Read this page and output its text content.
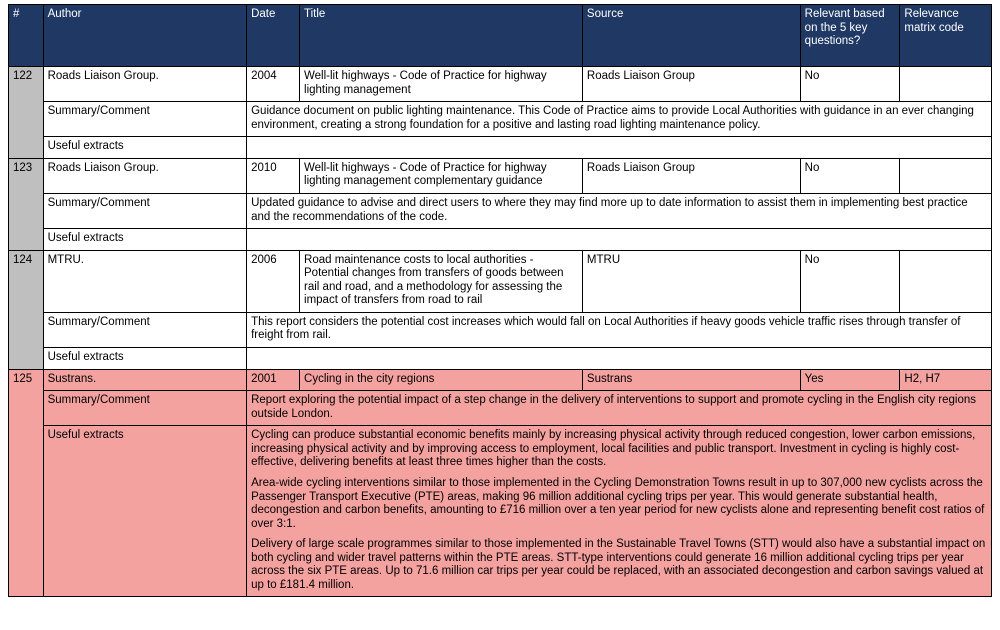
#	Author	Date	Title	Source	Relevant based on the 5 key questions?	Relevance matrix code
122	Roads Liaison Group.	2004	Well-lit highways - Code of Practice for highway lighting management	Roads Liaison Group	No	
	Summary/Comment	Guidance document on public lighting maintenance. This Code of Practice aims to provide Local Authorities with guidance in an ever changing environment, creating a strong foundation for a positive and lasting road lighting maintenance policy.				
	Useful extracts					
123	Roads Liaison Group.	2010	Well-lit highways - Code of Practice for highway lighting management complementary guidance	Roads Liaison Group	No	
	Summary/Comment	Updated guidance to advise and direct users to where they may find more up to date information to assist them in implementing best practice and the recommendations of the code.				
	Useful extracts					
124	MTRU.	2006	Road maintenance costs to local authorities - Potential changes from transfers of goods between rail and road, and a methodology for assessing the impact of transfers from road to rail	MTRU	No	
	Summary/Comment	This report considers the potential cost increases which would fall on Local Authorities if heavy goods vehicle traffic rises through transfer of freight from rail.				
	Useful extracts					
125	Sustrans.	2001	Cycling in the city regions	Sustrans	Yes	H2, H7
	Summary/Comment	Report exploring the potential impact of a step change in the delivery of interventions to support and promote cycling in the English city regions outside London.				
	Useful extracts	Cycling can produce substantial economic benefits mainly by increasing physical activity through reduced congestion, lower carbon emissions, increasing physical activity and by improving access to employment, local facilities and public transport. Investment in cycling is highly cost-effective, delivering benefits at least three times higher than the costs.

Area-wide cycling interventions similar to those implemented in the Cycling Demonstration Towns result in up to 307,000 new cyclists across the Passenger Transport Executive (PTE) areas, making 96 million additional cycling trips per year. This would generate substantial health, decongestion and carbon benefits, amounting to £716 million over a ten year period for new cyclists alone and representing benefit cost ratios of over 3:1.

Delivery of large scale programmes similar to those implemented in the Sustainable Travel Towns (STT) would also have a substantial impact on both cycling and wider travel patterns within the PTE areas. STT-type interventions could generate 16 million additional cycling trips per year across the six PTE areas. Up to 71.6 million car trips per year could be replaced, with an associated decongestion and carbon savings valued at up to £181.4 million.				
